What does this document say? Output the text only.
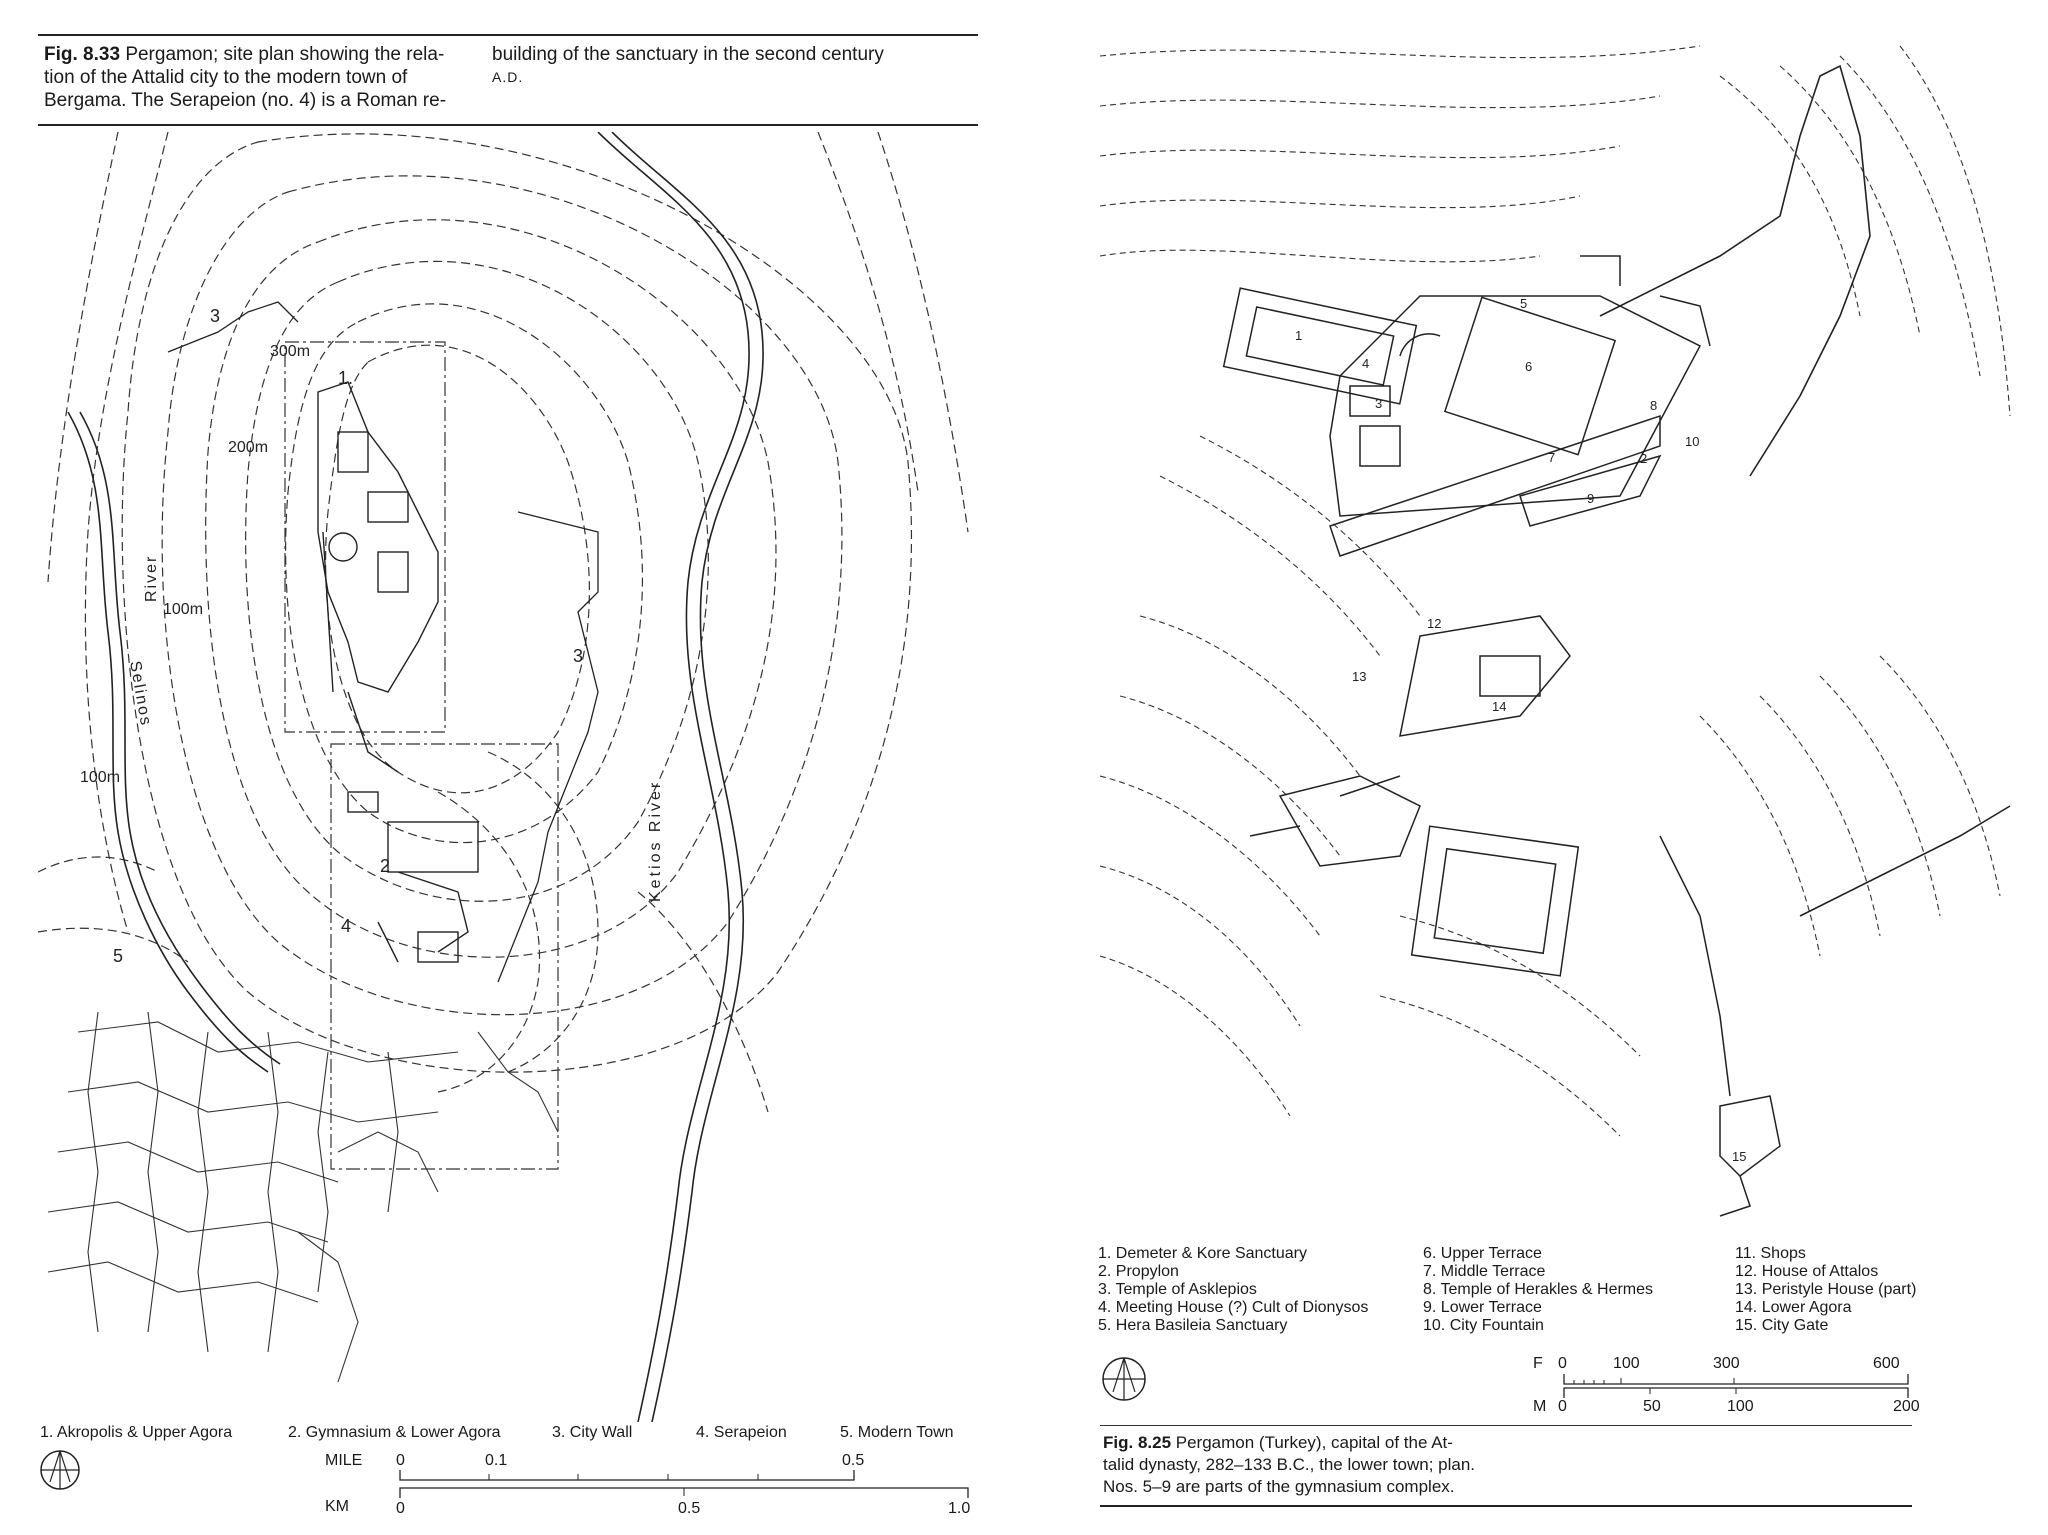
Fig. 8.33 Pergamon; site plan showing the rela-
tion of the Attalid city to the modern town of
Bergama. The Serapeion (no. 4) is a Roman re-
building of the sanctuary in the second century
A.D.
300m
200m
100m
100m
1.
2
3
3
4
5
Selinos
River
Ketios River
1. Akropolis & Upper Agora	2. Gymnasium & Lower Agora	3. City Wall	4. Serapeion	5. Modern Town
MILE 0	0.1	0.5
KM	0	0.5	1.0
1
2
3
4
5
6
7
8
9
10
12
13
14
15
1. Demeter & Kore Sanctuary
2. Propylon
3. Temple of Asklepios
4. Meeting House (?) Cult of Dionysos
5. Hera Basileia Sanctuary
6. Upper Terrace
7. Middle Terrace
8. Temple of Herakles & Hermes
9. Lower Terrace
10. City Fountain
11. Shops
12. House of Attalos
13. Peristyle House (part)
14. Lower Agora
15. City Gate
F 0	100	300	600
M 0	50	100	200
Fig. 8.25 Pergamon (Turkey), capital of the At-
talid dynasty, 282–133 B.C., the lower town; plan.
Nos. 5–9 are parts of the gymnasium complex.
